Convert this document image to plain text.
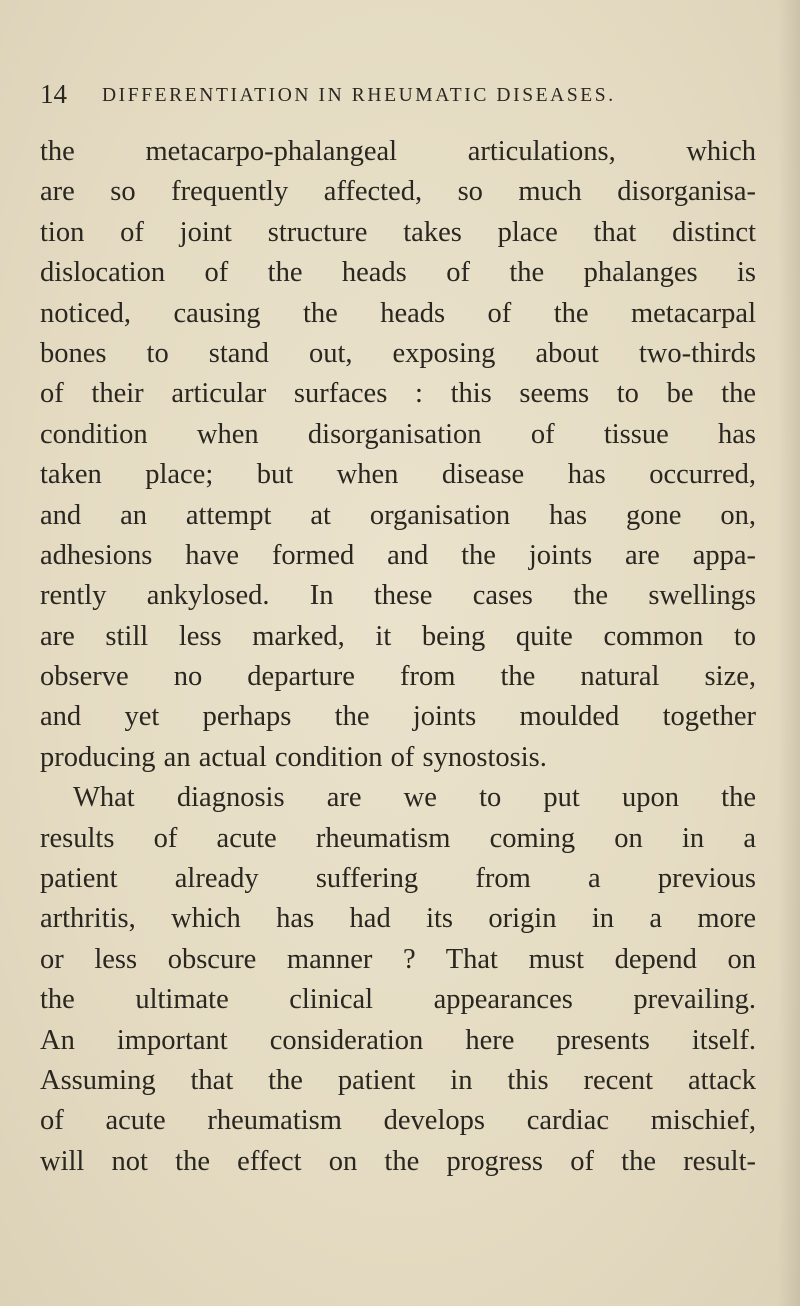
14 DIFFERENTIATION IN RHEUMATIC DISEASES.
the metacarpo-phalangeal articulations, which
are so frequently affected, so much disorganisa-
tion of joint structure takes place that distinct
dislocation of the heads of the phalanges is
noticed, causing the heads of the metacarpal
bones to stand out, exposing about two-thirds
of their articular surfaces : this seems to be the
condition when disorganisation of tissue has
taken place; but when disease has occurred,
and an attempt at organisation has gone on,
adhesions have formed and the joints are appa-
rently ankylosed. In these cases the swellings
are still less marked, it being quite common to
observe no departure from the natural size,
and yet perhaps the joints moulded together
producing an actual condition of synostosis.
What diagnosis are we to put upon the
results of acute rheumatism coming on in a
patient already suffering from a previous
arthritis, which has had its origin in a more
or less obscure manner ? That must depend on
the ultimate clinical appearances prevailing.
An important consideration here presents itself.
Assuming that the patient in this recent attack
of acute rheumatism develops cardiac mischief,
will not the effect on the progress of the result-
